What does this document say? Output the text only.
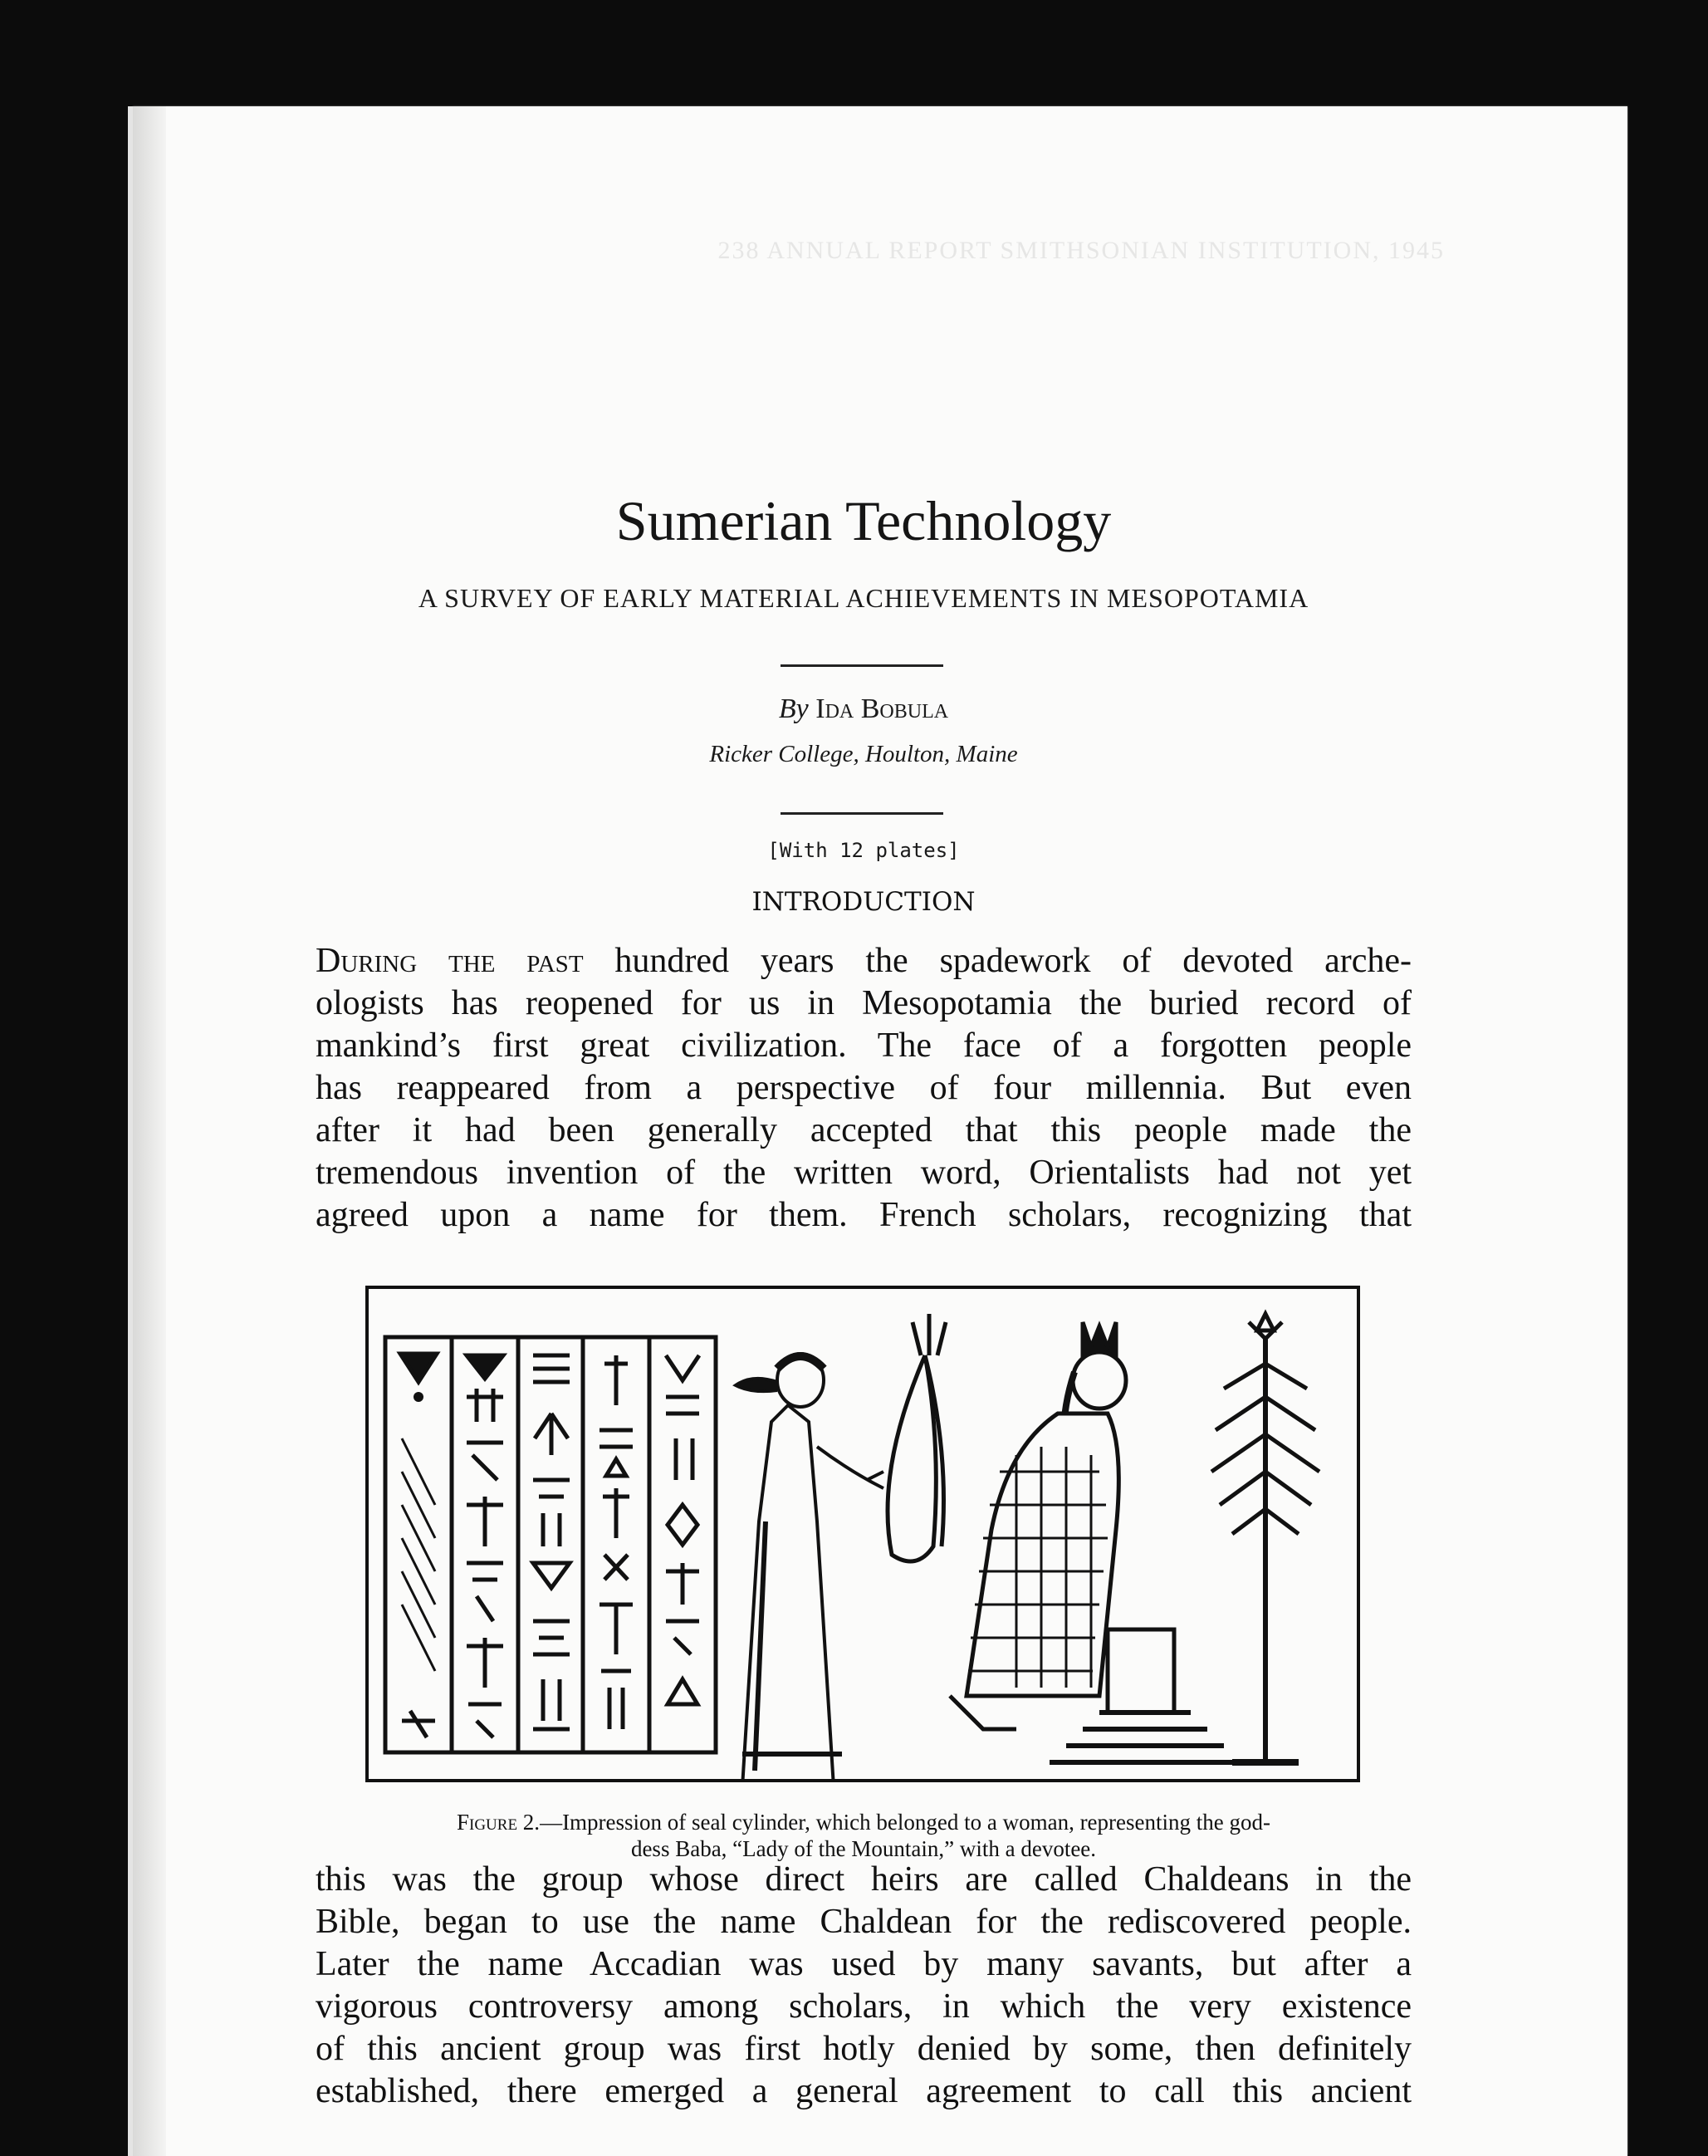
238 ANNUAL REPORT SMITHSONIAN INSTITUTION, 1945
Sumerian Technology
A SURVEY OF EARLY MATERIAL ACHIEVEMENTS IN MESOPOTAMIA
By Ida Bobula
Ricker College, Houlton, Maine
[With 12 plates]
INTRODUCTION
During the past hundred years the spadework of devoted arche-
ologists has reopened for us in Mesopotamia the buried record of
mankind’s first great civilization. The face of a forgotten people
has reappeared from a perspective of four millennia. But even
after it had been generally accepted that this people made the
tremendous invention of the written word, Orientalists had not yet
agreed upon a name for them. French scholars, recognizing that
Figure 2.—Impression of seal cylinder, which belonged to a woman, representing the god-
dess Baba, “Lady of the Mountain,” with a devotee.
this was the group whose direct heirs are called Chaldeans in the
Bible, began to use the name Chaldean for the rediscovered people.
Later the name Accadian was used by many savants, but after a
vigorous controversy among scholars, in which the very existence
of this ancient group was first hotly denied by some, then definitely
established, there emerged a general agreement to call this ancient
